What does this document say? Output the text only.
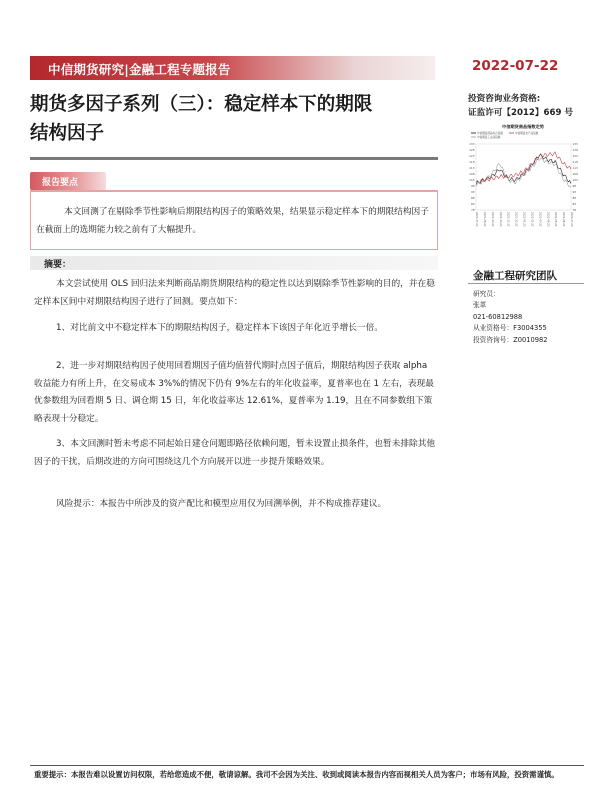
中信期货研究|金融工程专题报告	2022-07-22
期货多因子系列（三）：稳定样本下的期限
结构因子
投资咨询业务资格:
证监许可【2012】669 号
中信期货商品指数走势
中信期货商品综合指数	中信期货农产品指数
中信期货工业品指数
133	133
128	128
123	123
118	118
113	113
108	108
103	103
98	98
93	93
88	88
83	83
78	78
2021-07-22	2021-08-22	2021-09-22	2021-10-22	2021-11-22	2021-12-22	2022-01-22	2022-02-22	2022-03-22	2022-04-22	2022-05-22	2022-06-22	2022-07-22
报告要点
本文回测了在剔除季节性影响后期限结构因子的策略效果，结果显示稳定样本下的期限结构因子在截面上的选期能力较之前有了大幅提升。
摘要：

本文尝试使用 OLS 回归法来判断商品期货期限结构的稳定性以达到剔除季节性影响的目的，并在稳定样本区间中对期限结构因子进行了回测。要点如下：

1、对比前文中不稳定样本下的期限结构因子，稳定样本下该因子年化近乎增长一倍。

2、进一步对期限结构因子使用回看期因子值均值替代期时点因子值后，期限结构因子获取 alpha 收益能力有所上升，在交易成本 3%%的情况下仍有 9%左右的年化收益率，夏普率也在 1 左右，表现最优参数组为回看期 5 日、调仓期 15 日，年化收益率达 12.61%，夏普率为 1.19，且在不同参数组下策略表现十分稳定。

3、本文回测时暂未考虑不同起始日建仓问题即路径依赖问题，暂未设置止损条件，也暂未排除其他因子的干扰，后期改进的方向可围绕这几个方向展开以进一步提升策略效果。

风险提示：本报告中所涉及的资产配比和模型应用仅为回溯举例，并不构成推荐建议。

金融工程研究团队
研究员：
张革
021-60812988
从业资格号：F3004355
投资咨询号：Z0010982
重要提示：本报告难以设置访问权限，若给您造成不便，敬请谅解。我司不会因为关注、收到或阅读本报告内容而视相关人员为客户；市场有风险，投资需谨慎。
